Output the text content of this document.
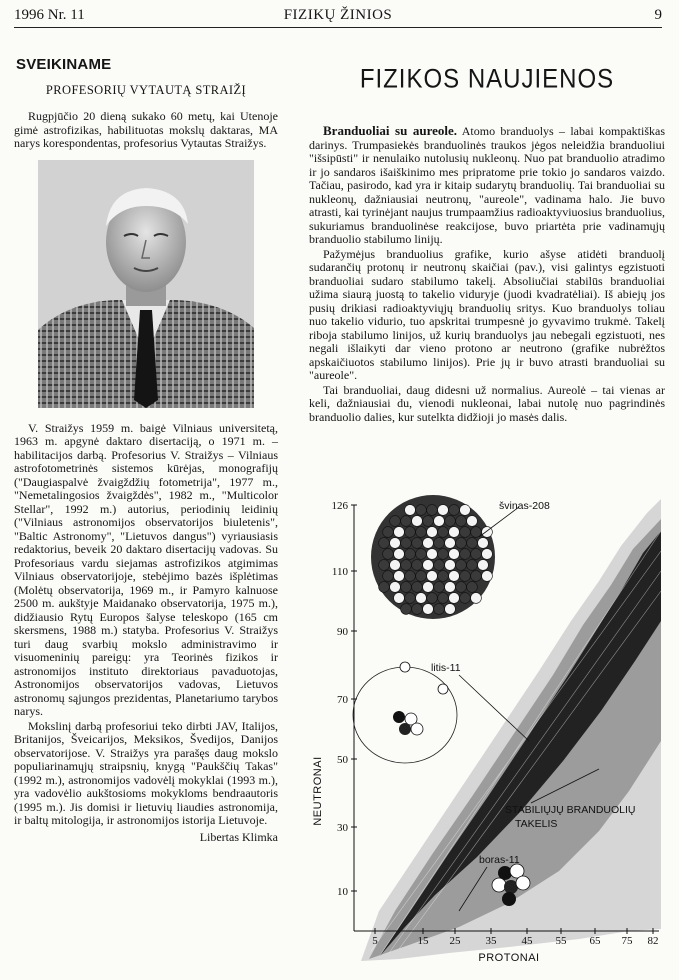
1996 Nr. 11	FIZIKŲ ŽINIOS	9
SVEIKINAME
PROFESORIŲ VYTAUTĄ STRAIŽĮ

Rugpjūčio 20 dieną sukako 60 metų, kai Utenoje gimė astrofizikas, habilituotas mokslų daktaras, MA narys korespondentas, profesorius Vytautas Straižys.

V. Straižys 1959 m. baigė Vilniaus universitetą, 1963 m. apgynė daktaro disertaciją, o 1971 m. – habilitacijos darbą. Profesorius V. Straižys – Vilniaus astrofotometrinės sistemos kūrėjas, monografijų ("Daugiaspalvė žvaigždžių fotometrija", 1977 m., "Nemetalingosios žvaigždės", 1982 m., "Multicolor Stellar", 1992 m.) autorius, periodinių leidinių ("Vilniaus astronomijos observatorijos biuletenis", "Baltic Astronomy", "Lietuvos dangus") vyriausiasis redaktorius, beveik 20 daktaro disertacijų vadovas. Su Profesoriaus vardu siejamas astrofizikos atgimimas Vilniaus observatorijoje, stebėjimo bazės išplėtimas (Molėtų observatorija, 1969 m., ir Pamyro kalnuose 2500 m. aukštyje Maidanako observatorija, 1975 m.), didžiausio Rytų Europos šalyse teleskopo (165 cm skersmens, 1988 m.) statyba. Profesorius V. Straižys turi daug svarbių mokslo administravimo ir visuomeninių pareigų: yra Teorinės fizikos ir astronomijos instituto direktoriaus pavaduotojas, Astronomijos observatorijos vadovas, Lietuvos astronomų sąjungos prezidentas, Planetariumo tarybos narys.

Mokslinį darbą profesoriui teko dirbti JAV, Italijos, Britanijos, Šveicarijos, Meksikos, Švedijos, Danijos observatorijose. V. Straižys yra parašęs daug mokslo populiarinamųjų straipsnių, knygą "Paukščių Takas" (1992 m.), astronomijos vadovėlį mokyklai (1993 m.), yra vadovėlio aukštosioms mokykloms bendraautoris (1995 m.). Jis domisi ir lietuvių liaudies astronomija, ir baltų mitologija, ir astronomijos istorija Lietuvoje.

Libertas Klimka
FIZIKOS NAUJIENOS

Branduoliai su aureole. Atomo branduolys – labai kompaktiškas darinys. Trumpasiekės branduolinės traukos jėgos neleidžia branduoliui "išsipūsti" ir nenulaiko nutolusių nukleonų. Nuo pat branduolio atradimo ir jo sandaros išaiškinimo mes pripratome prie tokio jo sandaros vaizdo. Tačiau, pasirodo, kad yra ir kitaip sudarytų branduolių. Tai branduoliai su nukleonų, dažniausiai neutronų, "aureole", vadinama halo. Jie buvo atrasti, kai tyrinėjant naujus trumpaamžius radioaktyviuosius branduolius, sukuriamus branduolinėse reakcijose, buvo priartėta prie vadinamųjų branduolio stabilumo linijų.

Pažymėjus branduolius grafike, kurio ašyse atidėti branduolį sudarančių protonų ir neutronų skaičiai (pav.), visi galintys egzistuoti branduoliai sudaro stabilumo takelį. Absoliučiai stabilūs branduoliai užima siaurą juostą to takelio viduryje (juodi kvadratėliai). Iš abiejų jos pusių drikiasi radioaktyviųjų branduolių sritys. Kuo branduolys toliau nuo takelio vidurio, tuo apskritai trumpesnė jo gyvavimo trukmė. Takelį riboja stabilumo linijos, už kurių branduolys jau nebegali egzistuoti, nes negali išlaikyti dar vieno protono ar neutrono (grafike nubrėžtos apskaičiuotos stabilumo linijos). Prie jų ir buvo atrasti branduoliai su "aureole".

Tai branduoliai, daug didesni už normalius. Aureolė – tai vienas ar keli, dažniausiai du, vienodi nukleonai, labai nutolę nuo pagrindinės branduolio dalies, kur sutelkta didžioji jo masės dalis.

126
110
90
70
50
30
10
5	15 25 35 45 55 65 75 82
NEUTRONAI
PROTONAI
švinas-208
litis-11
boras-11
STABILIŲJŲ BRANDUOLIŲ
TAKELIS
